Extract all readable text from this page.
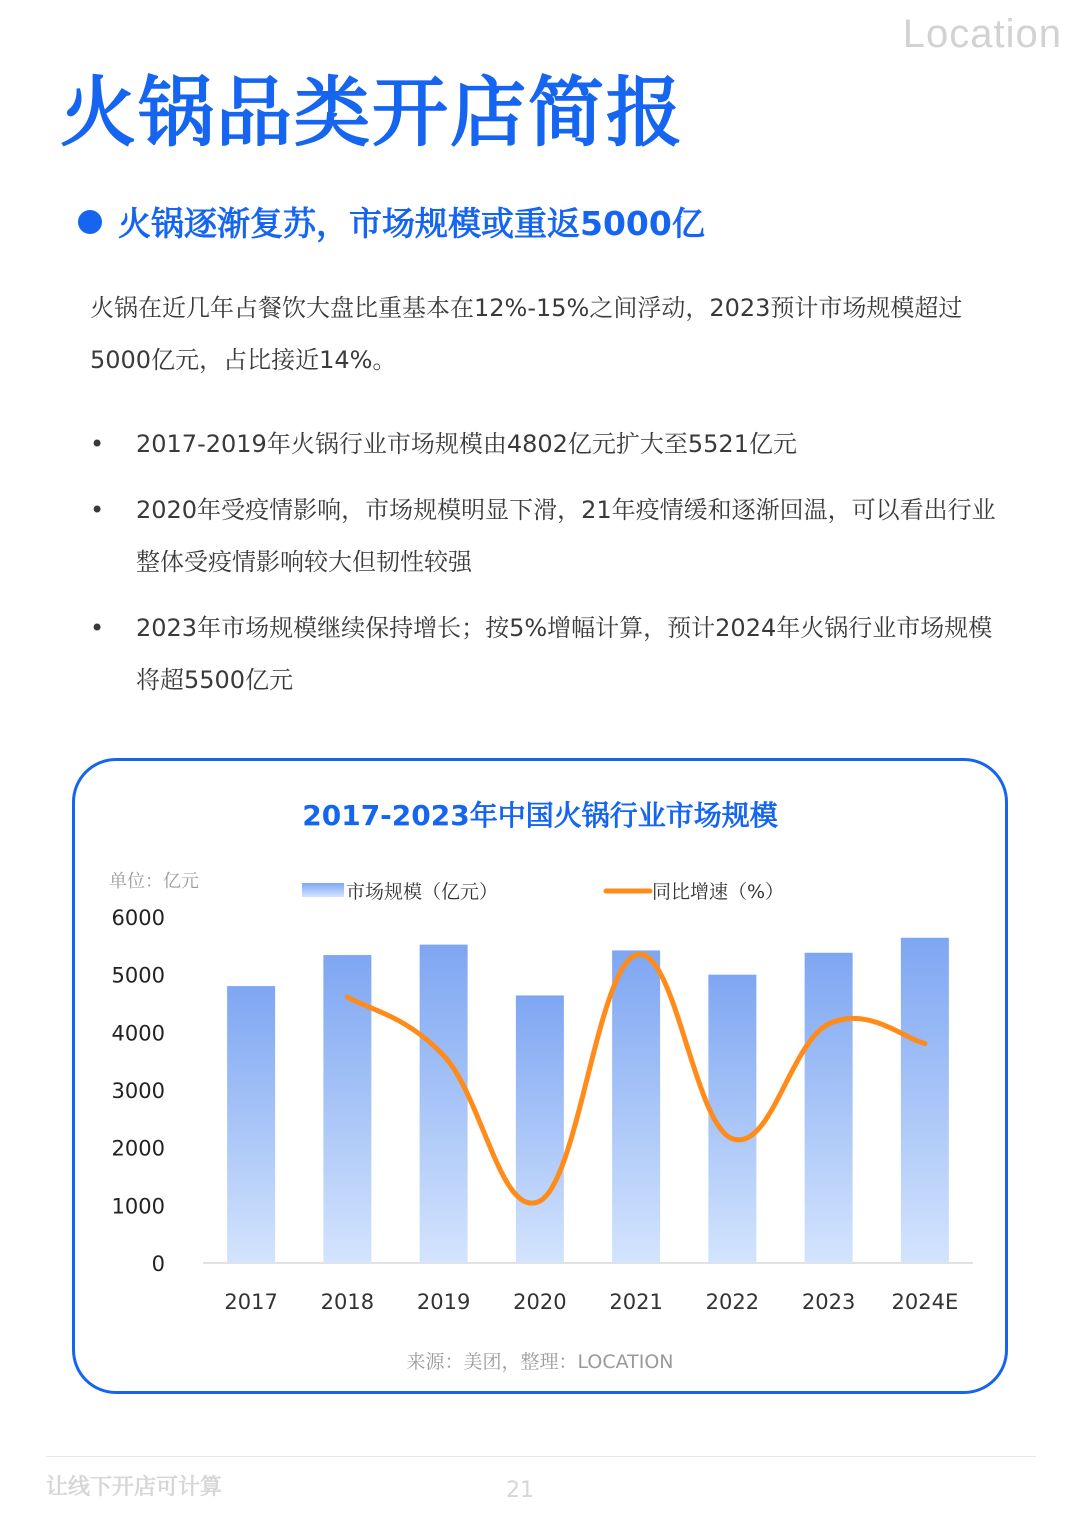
Location
火锅品类开店简报
火锅逐渐复苏，市场规模或重返5000亿

火锅在近几年占餐饮大盘比重基本在12%-15%之间浮动，2023预计市场规模超过5000亿元，占比接近14%。

• 2017-2019年火锅行业市场规模由4802亿元扩大至5521亿元
• 2020年受疫情影响，市场规模明显下滑，21年疫情缓和逐渐回温，可以看出行业整体受疫情影响较大但韧性较强
• 2023年市场规模继续保持增长；按5%增幅计算，预计2024年火锅行业市场规模将超5500亿元
2017-2023年中国火锅行业市场规模
单位：亿元	市场规模（亿元）	同比增速（%）
0
1000
2000
3000
4000
5000
6000
2017 2018 2019 2020 2021 2022 2023 2024E
来源：美团，整理：LOCATION
让线下开店可计算	21
